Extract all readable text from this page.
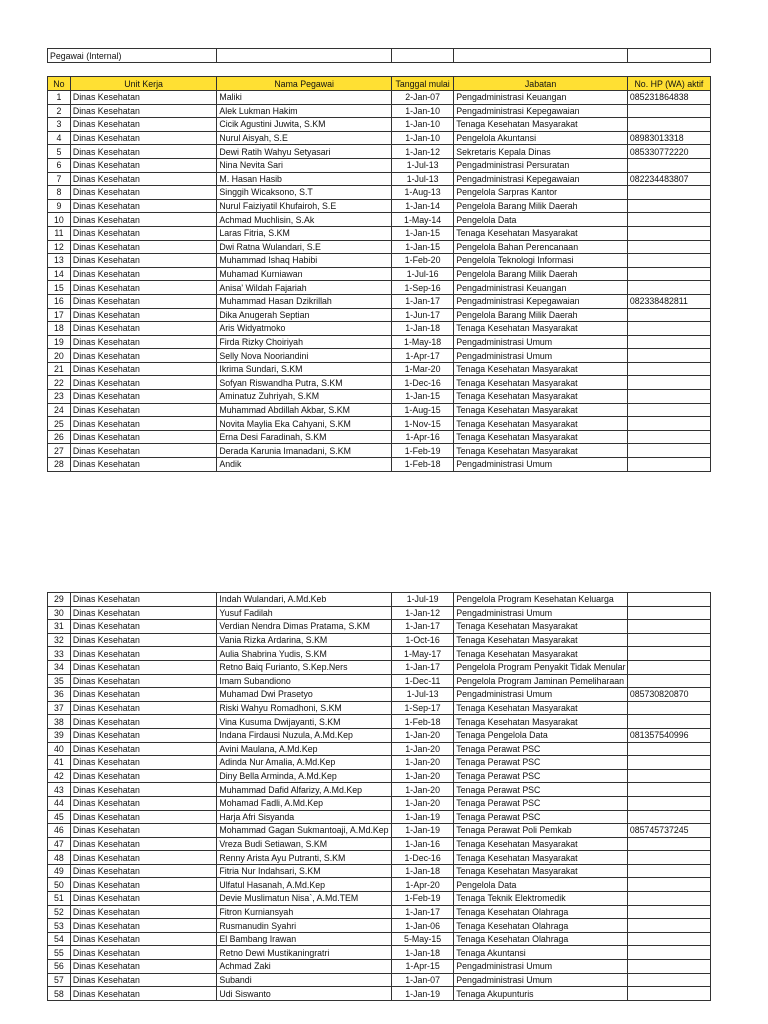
Pegawai (Internal)				
No	Unit Kerja	Nama Pegawai	Tanggal mulai	Jabatan	No. HP (WA) aktif
1	Dinas Kesehatan	Maliki	2-Jan-07	Pengadministrasi Keuangan	085231864838
2	Dinas Kesehatan	Alek Lukman Hakim	1-Jan-10	Pengadministrasi Kepegawaian	
3	Dinas Kesehatan	Cicik Agustini Juwita, S.KM	1-Jan-10	Tenaga Kesehatan Masyarakat	
4	Dinas Kesehatan	Nurul Aisyah, S.E	1-Jan-10	Pengelola Akuntansi	08983013318
5	Dinas Kesehatan	Dewi Ratih Wahyu Setyasari	1-Jan-12	Sekretaris Kepala Dinas	085330772220
6	Dinas Kesehatan	Nina Nevita Sari	1-Jul-13	Pengadministrasi Persuratan	
7	Dinas Kesehatan	M. Hasan Hasib	1-Jul-13	Pengadministrasi Kepegawaian	082234483807
8	Dinas Kesehatan	Singgih Wicaksono, S.T	1-Aug-13	Pengelola Sarpras Kantor	
9	Dinas Kesehatan	Nurul Faiziyatil Khufairoh, S.E	1-Jan-14	Pengelola Barang Milik Daerah	
10	Dinas Kesehatan	Achmad Muchlisin, S.Ak	1-May-14	Pengelola Data	
11	Dinas Kesehatan	Laras Fitria, S.KM	1-Jan-15	Tenaga Kesehatan Masyarakat	
12	Dinas Kesehatan	Dwi Ratna Wulandari, S.E	1-Jan-15	Pengelola Bahan Perencanaan	
13	Dinas Kesehatan	Muhammad Ishaq Habibi	1-Feb-20	Pengelola Teknologi Informasi	
14	Dinas Kesehatan	Muhamad Kurniawan	1-Jul-16	Pengelola Barang Milik Daerah	
15	Dinas Kesehatan	Anisa' Wildah Fajariah	1-Sep-16	Pengadministrasi Keuangan	
16	Dinas Kesehatan	Muhammad Hasan Dzikrillah	1-Jan-17	Pengadministrasi Kepegawaian	082338482811
17	Dinas Kesehatan	Dika Anugerah Septian	1-Jun-17	Pengelola Barang Milik Daerah	
18	Dinas Kesehatan	Aris Widyatmoko	1-Jan-18	Tenaga Kesehatan Masyarakat	
19	Dinas Kesehatan	Firda Rizky Choiriyah	1-May-18	Pengadministrasi Umum	
20	Dinas Kesehatan	Selly Nova Nooriandini	1-Apr-17	Pengadministrasi Umum	
21	Dinas Kesehatan	Ikrima Sundari, S.KM	1-Mar-20	Tenaga Kesehatan Masyarakat	
22	Dinas Kesehatan	Sofyan Riswandha Putra, S.KM	1-Dec-16	Tenaga Kesehatan Masyarakat	
23	Dinas Kesehatan	Aminatuz Zuhriyah, S.KM	1-Jan-15	Tenaga Kesehatan Masyarakat	
24	Dinas Kesehatan	Muhammad Abdillah Akbar, S.KM	1-Aug-15	Tenaga Kesehatan Masyarakat	
25	Dinas Kesehatan	Novita Maylia Eka Cahyani, S.KM	1-Nov-15	Tenaga Kesehatan Masyarakat	
26	Dinas Kesehatan	Erna Desi Faradinah, S.KM	1-Apr-16	Tenaga Kesehatan Masyarakat	
27	Dinas Kesehatan	Derada Karunia Imanadani, S.KM	1-Feb-19	Tenaga Kesehatan Masyarakat	
28	Dinas Kesehatan	Andik	1-Feb-18	Pengadministrasi Umum	
29	Dinas Kesehatan	Indah Wulandari, A.Md.Keb	1-Jul-19	Pengelola Program Kesehatan Keluarga	
30	Dinas Kesehatan	Yusuf Fadilah	1-Jan-12	Pengadministrasi Umum	
31	Dinas Kesehatan	Verdian Nendra Dimas Pratama, S.KM	1-Jan-17	Tenaga Kesehatan Masyarakat	
32	Dinas Kesehatan	Vania Rizka Ardarina, S.KM	1-Oct-16	Tenaga Kesehatan Masyarakat	
33	Dinas Kesehatan	Aulia Shabrina Yudis, S.KM	1-May-17	Tenaga Kesehatan Masyarakat	
34	Dinas Kesehatan	Retno Baiq Furianto, S.Kep.Ners	1-Jan-17	Pengelola Program Penyakit Tidak Menular	
35	Dinas Kesehatan	Imam Subandiono	1-Dec-11	Pengelola Program Jaminan Pemeliharaan	
36	Dinas Kesehatan	Muhamad Dwi Prasetyo	1-Jul-13	Pengadministrasi Umum	085730820870
37	Dinas Kesehatan	Riski Wahyu Romadhoni, S.KM	1-Sep-17	Tenaga Kesehatan Masyarakat	
38	Dinas Kesehatan	Vina Kusuma Dwijayanti, S.KM	1-Feb-18	Tenaga Kesehatan Masyarakat	
39	Dinas Kesehatan	Indana Firdausi Nuzula, A.Md.Kep	1-Jan-20	Tenaga Pengelola Data	081357540996
40	Dinas Kesehatan	Avini Maulana, A.Md.Kep	1-Jan-20	Tenaga Perawat PSC	
41	Dinas Kesehatan	Adinda Nur Amalia, A.Md.Kep	1-Jan-20	Tenaga Perawat PSC	
42	Dinas Kesehatan	Diny Bella Arminda, A.Md.Kep	1-Jan-20	Tenaga Perawat PSC	
43	Dinas Kesehatan	Muhammad Dafid Alfarizy, A.Md.Kep	1-Jan-20	Tenaga Perawat PSC	
44	Dinas Kesehatan	Mohamad Fadli, A.Md.Kep	1-Jan-20	Tenaga Perawat PSC	
45	Dinas Kesehatan	Harja Afri Sisyanda	1-Jan-19	Tenaga Perawat PSC	
46	Dinas Kesehatan	Mohammad Gagan Sukmantoaji, A.Md.Kep	1-Jan-19	Tenaga Perawat Poli Pemkab	085745737245
47	Dinas Kesehatan	Vreza Budi Setiawan, S.KM	1-Jan-16	Tenaga Kesehatan Masyarakat	
48	Dinas Kesehatan	Renny Arista Ayu Putranti, S.KM	1-Dec-16	Tenaga Kesehatan Masyarakat	
49	Dinas Kesehatan	Fitria Nur Indahsari, S.KM	1-Jan-18	Tenaga Kesehatan Masyarakat	
50	Dinas Kesehatan	Ulfatul Hasanah, A.Md.Kep	1-Apr-20	Pengelola Data	
51	Dinas Kesehatan	Devie Muslimatun Nisa`, A.Md.TEM	1-Feb-19	Tenaga Teknik Elektromedik	
52	Dinas Kesehatan	Fitron Kurniansyah	1-Jan-17	Tenaga Kesehatan Olahraga	
53	Dinas Kesehatan	Rusmanudin Syahri	1-Jan-06	Tenaga Kesehatan Olahraga	
54	Dinas Kesehatan	El Bambang Irawan	5-May-15	Tenaga Kesehatan Olahraga	
55	Dinas Kesehatan	Retno Dewi Mustikaningratri	1-Jan-18	Tenaga Akuntansi	
56	Dinas Kesehatan	Achmad Zaki	1-Apr-15	Pengadministrasi Umum	
57	Dinas Kesehatan	Subandi	1-Jan-07	Pengadministrasi Umum	
58	Dinas Kesehatan	Udi Siswanto	1-Jan-19	Tenaga Akupunturis	
